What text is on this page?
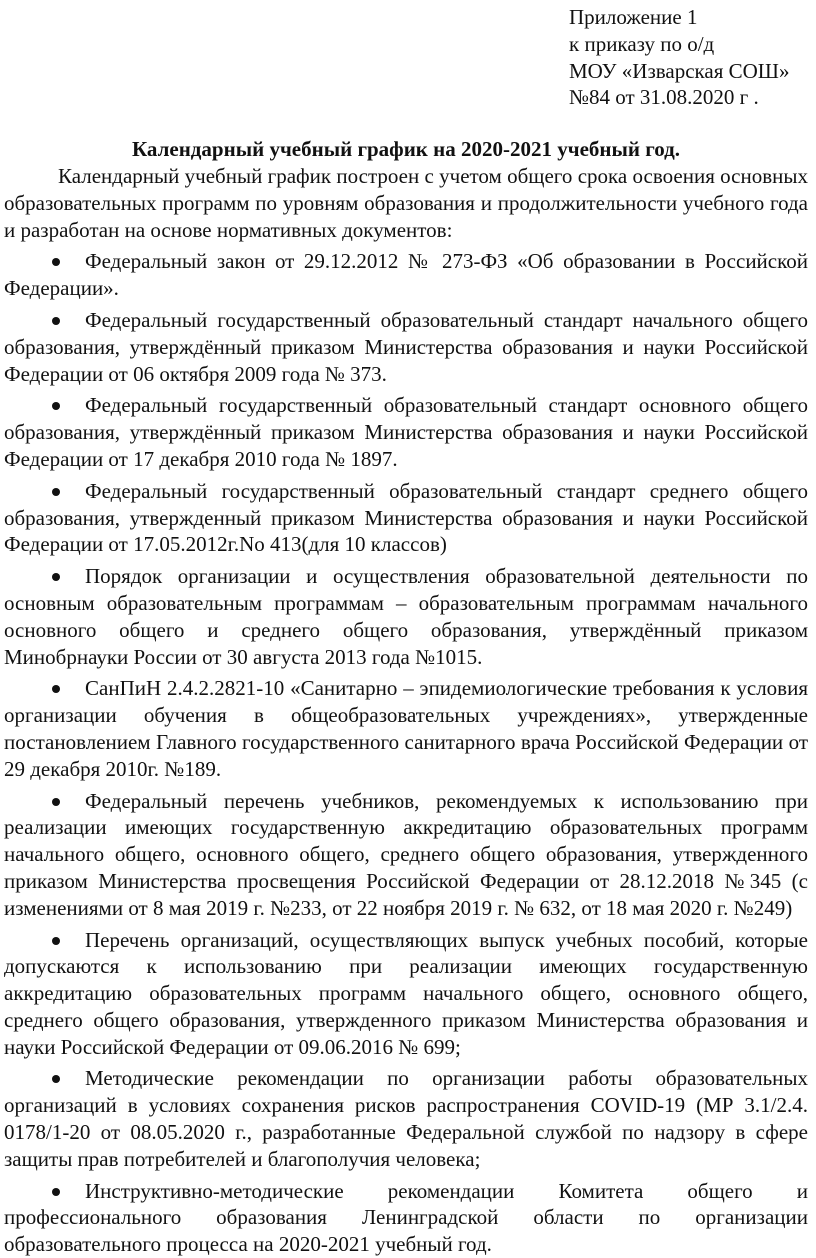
Приложение 1
к приказу по о/д
МОУ «Изварская СОШ»
№84 от 31.08.2020 г .
Календарный учебный график на 2020-2021 учебный год.

Календарный учебный график построен с учетом общего срока освоения основных образовательных программ по уровням образования и продолжительности учебного года и разработан на основе нормативных документов:

Федеральный закон от 29.12.2012 № 273-ФЗ «Об образовании в Российской Федерации».
Федеральный государственный образовательный стандарт начального общего образования, утверждённый приказом Министерства образования и науки Российской Федерации от 06 октября 2009 года № 373.
Федеральный государственный образовательный стандарт основного общего образования, утверждённый приказом Министерства образования и науки Российской Федерации от 17 декабря 2010 года № 1897.
Федеральный государственный образовательный стандарт среднего общего образования, утвержденный приказом Министерства образования и науки Российской Федерации от 17.05.2012г.No 413(для 10 классов)
Порядок организации и осуществления образовательной деятельности по основным образовательным программам – образовательным программам начального основного общего и среднего общего образования, утверждённый приказом Минобрнауки России от 30 августа 2013 года №1015.
СанПиН 2.4.2.2821-10 «Санитарно – эпидемиологические требования к условия организации обучения в общеобразовательных учреждениях», утвержденные постановлением Главного государственного санитарного врача Российской Федерации от 29 декабря 2010г. №189.
Федеральный перечень учебников, рекомендуемых к использованию при реализации имеющих государственную аккредитацию образовательных программ начального общего, основного общего, среднего общего образования, утвержденного приказом Министерства просвещения Российской Федерации от 28.12.2018 №345 (с изменениями от 8 мая 2019 г. №233, от 22 ноября 2019 г. № 632, от 18 мая 2020 г. №249)
Перечень организаций, осуществляющих выпуск учебных пособий, которые допускаются к использованию при реализации имеющих государственную аккредитацию образовательных программ начального общего, основного общего, среднего общего образования, утвержденного приказом Министерства образования и науки Российской Федерации от 09.06.2016 № 699;
Методические рекомендации по организации работы образовательных организаций в условиях сохранения рисков распространения COVID-19 (МР 3.1/2.4. 0178/1-20 от 08.05.2020 г., разработанные Федеральной службой по надзору в сфере защиты прав потребителей и благополучия человека;
Инструктивно-методические рекомендации Комитета общего и профессионального образования Ленинградской области по организации образовательного процесса на 2020-2021 учебный год.
